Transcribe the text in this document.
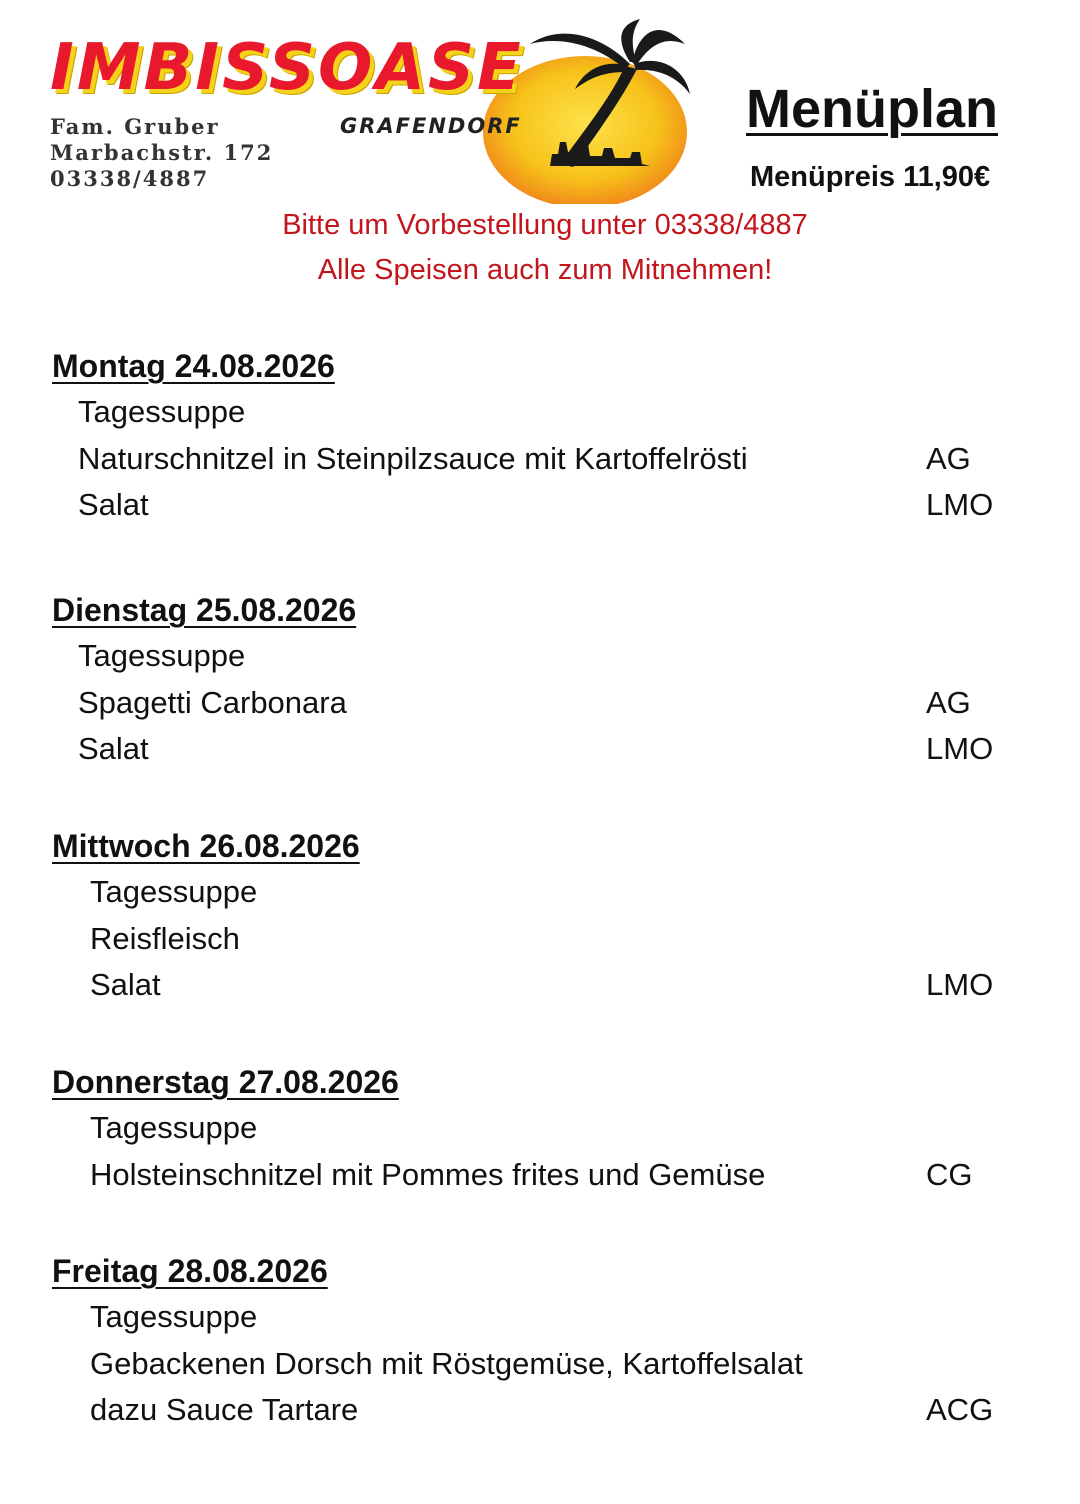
IMBISSOASE
GRAFENDORF
Fam. Gruber
Marbachstr. 172
03338/4887
Menüplan
Menüpreis 11,90€
Bitte um Vorbestellung unter 03338/4887
Alle Speisen auch zum Mitnehmen!
Montag 24.08.2026
Tagessuppe
Naturschnitzel in Steinpilzsauce mit Kartoffelrösti	AG
Salat	LMO
Dienstag 25.08.2026
Tagessuppe
Spagetti Carbonara	AG
Salat	LMO
Mittwoch 26.08.2026
Tagessuppe
Reisfleisch
Salat	LMO
Donnerstag 27.08.2026
Tagessuppe
Holsteinschnitzel mit Pommes frites und Gemüse	CG
Freitag 28.08.2026
Tagessuppe
Gebackenen Dorsch mit Röstgemüse, Kartoffelsalat
dazu Sauce Tartare	ACG
